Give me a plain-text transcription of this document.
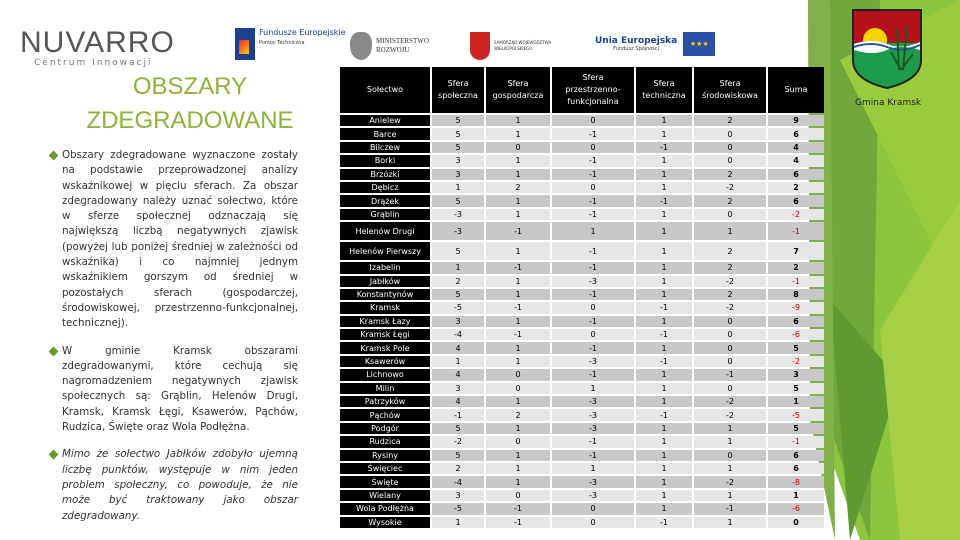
NUVARRO
Centrum Innowacji
Fundusze Europejskie
Pomoc Techniczna	MINISTERSTWO ROZWOJU
SAMORZĄD WOJEWÓDZTWA WIELKOPOLSKIEGO
Unia Europejska
Fundusz Spójności
★★★
Gmina Kramsk
OBSZARY
ZDEGRADOWANE
Obszary zdegradowane wyznaczone zostały na podstawie przeprowadzonej analizy wskaźnikowej w pięciu sferach. Za obszar zdegradowany należy uznać sołectwo, które w sferze społecznej odznaczają się największą liczbą negatywnych zjawisk (powyżej lub poniżej średniej w zależności od wskaźnika) i co najmniej jednym wskaźnikiem gorszym od średniej w pozostałych sferach (gospodarczej, środowiskowej, przestrzenno-funkcjonalnej, technicznej).
W gminie Kramsk obszarami zdegradowanymi, które cechują się nagromadzeniem negatywnych zjawisk społecznych są: Grąblin, Helenów Drugi, Kramsk, Kramsk Łęgi, Ksawerów, Pąchów, Rudzica, Święte oraz Wola Podłężna.
Mimo że sołectwo Jabłków zdobyło ujemną liczbę punktów, występuje w nim jeden problem społeczny, co powoduje, że nie może być traktowany jako obszar zdegradowany.
Sołectwo	Sfera społeczna	Sfera gospodarcza	Sfera przestrzenno-funkcjonalna	Sfera techniczna	Sfera środowiskowa	Suma
Anielew	5	1	0	1	2	9
Barce	5	1	-1	1	0	6
Bilczew	5	0	0	-1	0	4
Borki	3	1	-1	1	0	4
Brzózki	3	1	-1	1	2	6
Dębicz	1	2	0	1	-2	2
Drążek	5	1	-1	-1	2	6
Grąblin	-3	1	-1	1	0	-2
Helenów Drugi	-3	-1	1	1	1	-1
Helenów Pierwszy	5	1	-1	1	2	7
Izabelin	1	-1	-1	1	2	2
Jabłków	2	1	-3	1	-2	-1
Konstantynów	5	1	-1	1	2	8
Kramsk	-5	-1	0	-1	-2	-9
Kramsk Łazy	3	1	-1	1	0	6
Kramsk Łęgi	-4	-1	0	-1	0	-6
Kramsk Pole	4	1	-1	1	0	5
Ksawerów	1	1	-3	-1	0	-2
Lichnowo	4	0	-1	1	-1	3
Milin	3	0	1	1	0	5
Patrzyków	4	1	-3	1	-2	1
Pąchów	-1	2	-3	-1	-2	-5
Podgór	5	1	-3	1	1	5
Rudzica	-2	0	-1	1	1	-1
Rysiny	5	1	-1	1	0	6
Święciec	2	1	1	1	1	6
Święte	-4	1	-3	1	-2	-8
Wielany	3	0	-3	1	1	1
Wola Podłężna	-5	-1	0	1	-1	-6
Wysokie	1	-1	0	-1	1	0
